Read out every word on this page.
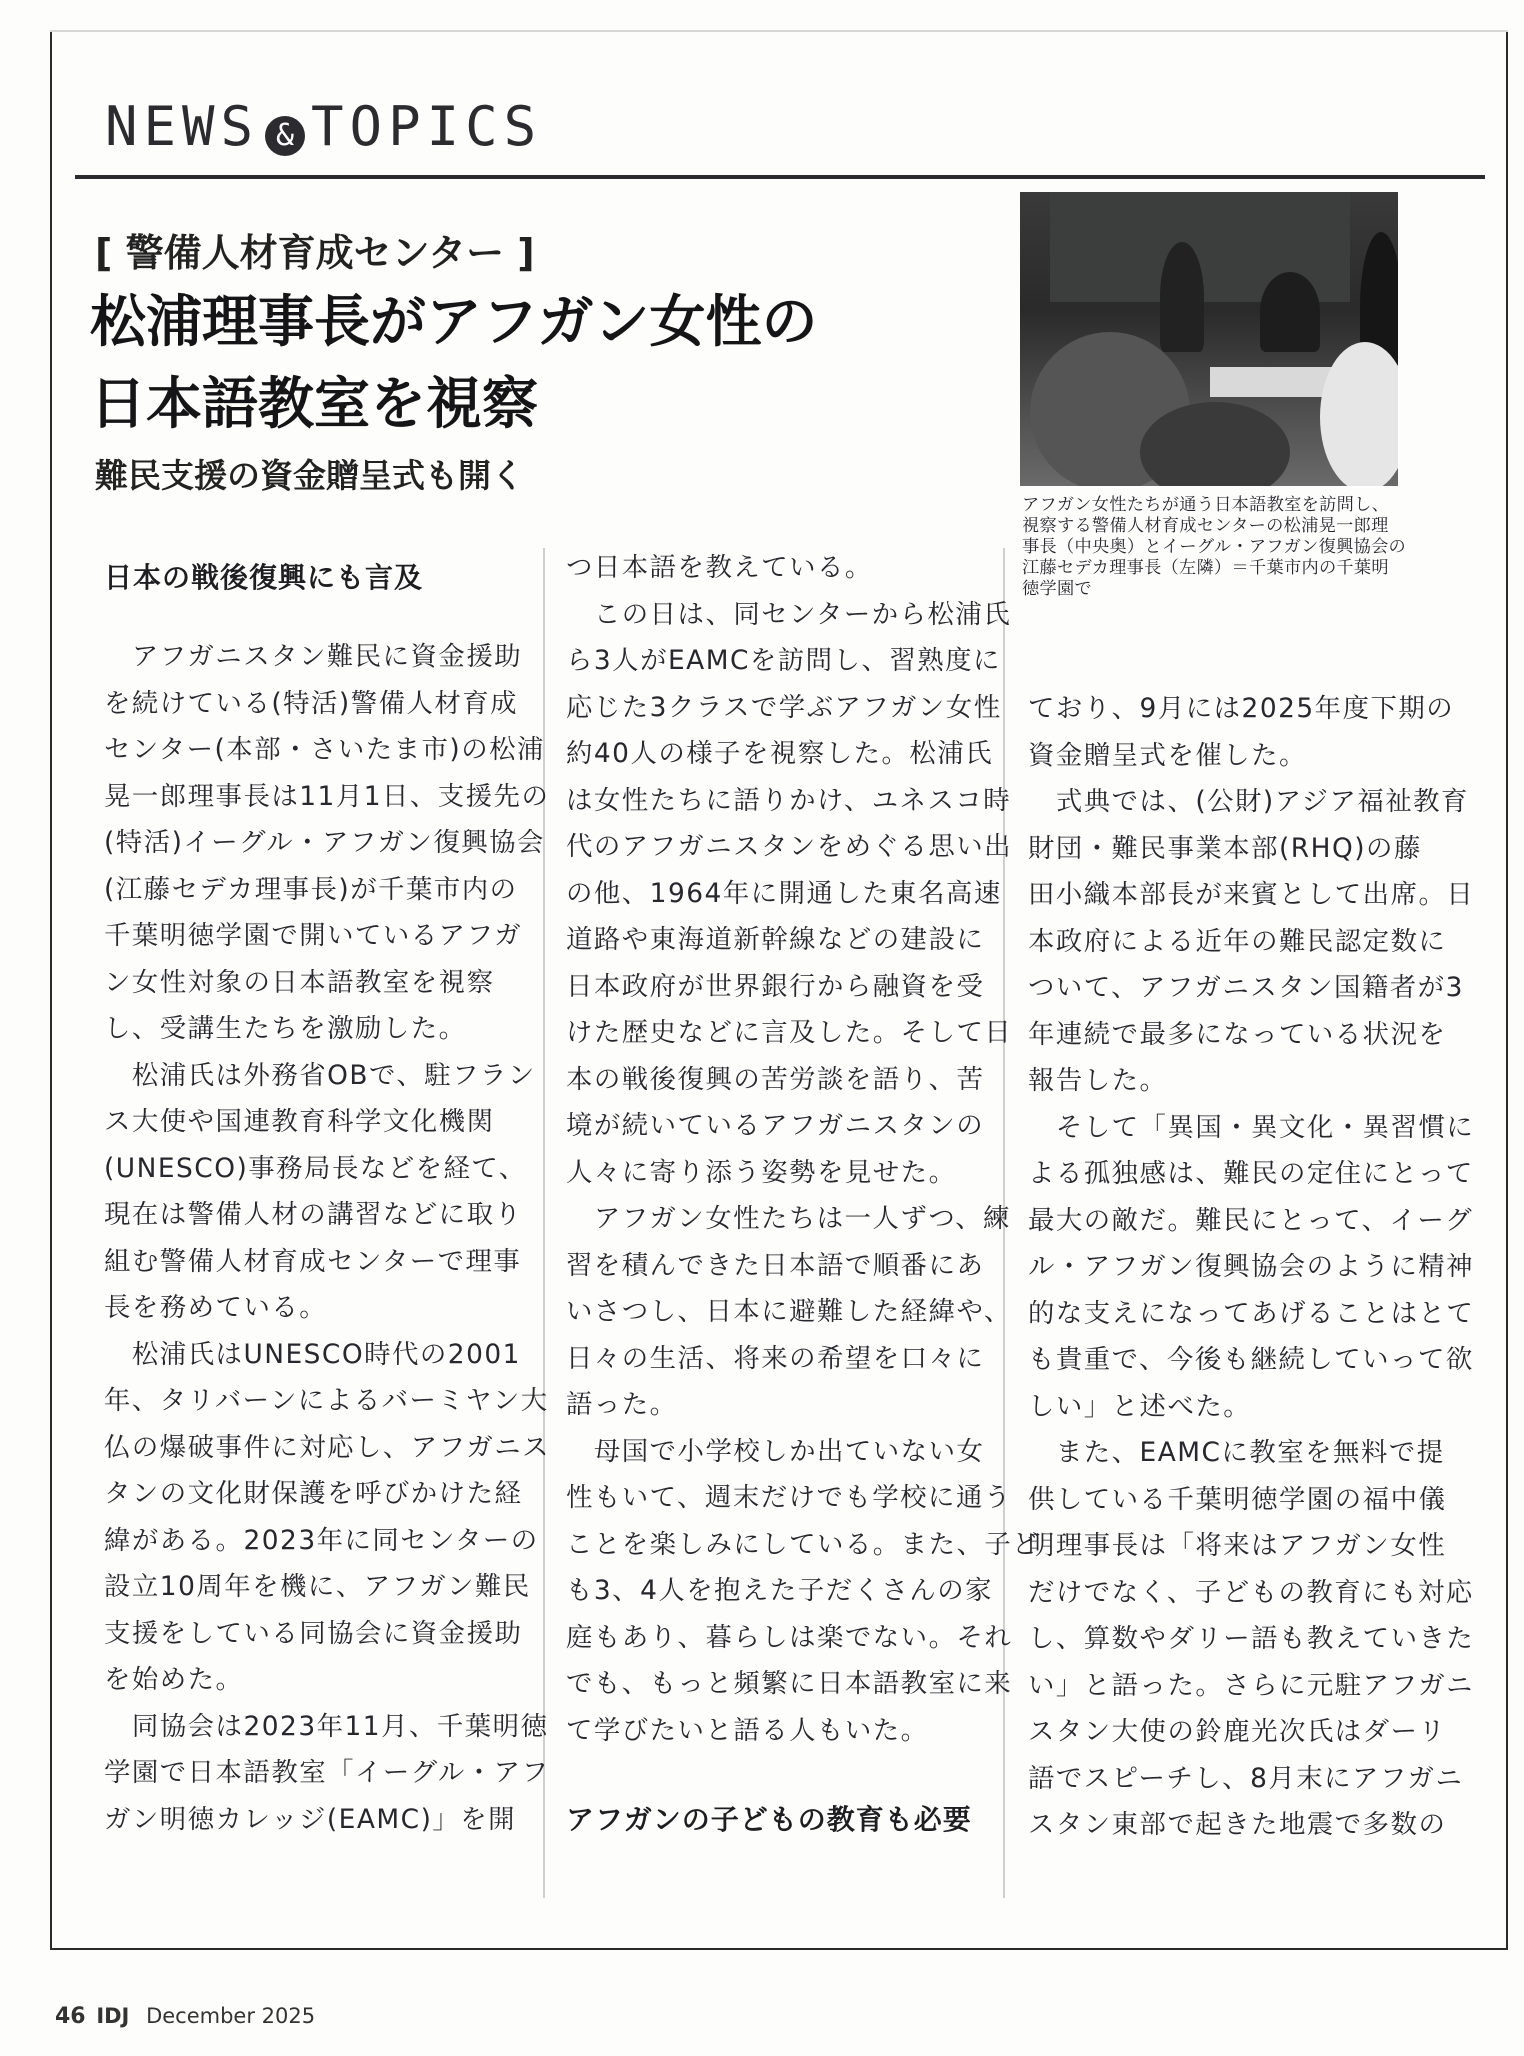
NEWS & TOPICS
[ 警備人材育成センター ]
松浦理事長がアフガン女性の
日本語教室を視察
難民支援の資金贈呈式も開く
アフガン女性たちが通う日本語教室を訪問し、
視察する警備人材育成センターの松浦晃一郎理
事長（中央奥）とイーグル・アフガン復興協会の
江藤セデカ理事長（左隣）＝千葉市内の千葉明
徳学園で
日本の戦後復興にも言及
　アフガニスタン難民に資金援助
を続けている(特活)警備人材育成
センター(本部・さいたま市)の松浦
晃一郎理事長は11月1日、支援先の
(特活)イーグル・アフガン復興協会
(江藤セデカ理事長)が千葉市内の
千葉明徳学園で開いているアフガ
ン女性対象の日本語教室を視察
し、受講生たちを激励した。
　松浦氏は外務省OBで、駐フラン
ス大使や国連教育科学文化機関
(UNESCO)事務局長などを経て、
現在は警備人材の講習などに取り
組む警備人材育成センターで理事
長を務めている。
　松浦氏はUNESCO時代の2001
年、タリバーンによるバーミヤン大
仏の爆破事件に対応し、アフガニス
タンの文化財保護を呼びかけた経
緯がある。2023年に同センターの
設立10周年を機に、アフガン難民
支援をしている同協会に資金援助
を始めた。
　同協会は2023年11月、千葉明徳
学園で日本語教室「イーグル・アフ
ガン明徳カレッジ(EAMC)」を開
つ日本語を教えている。
　この日は、同センターから松浦氏
ら3人がEAMCを訪問し、習熟度に
応じた3クラスで学ぶアフガン女性
約40人の様子を視察した。松浦氏
は女性たちに語りかけ、ユネスコ時
代のアフガニスタンをめぐる思い出
の他、1964年に開通した東名高速
道路や東海道新幹線などの建設に
日本政府が世界銀行から融資を受
けた歴史などに言及した。そして日
本の戦後復興の苦労談を語り、苦
境が続いているアフガニスタンの
人々に寄り添う姿勢を見せた。
　アフガン女性たちは一人ずつ、練
習を積んできた日本語で順番にあ
いさつし、日本に避難した経緯や、
日々の生活、将来の希望を口々に
語った。
　母国で小学校しか出ていない女
性もいて、週末だけでも学校に通う
ことを楽しみにしている。また、子ど
も3、4人を抱えた子だくさんの家
庭もあり、暮らしは楽でない。それ
でも、もっと頻繁に日本語教室に来
て学びたいと語る人もいた。
アフガンの子どもの教育も必要
ており、9月には2025年度下期の
資金贈呈式を催した。
　式典では、(公財)アジア福祉教育
財団・難民事業本部(RHQ)の藤
田小織本部長が来賓として出席。日
本政府による近年の難民認定数に
ついて、アフガニスタン国籍者が3
年連続で最多になっている状況を
報告した。
　そして「異国・異文化・異習慣に
よる孤独感は、難民の定住にとって
最大の敵だ。難民にとって、イーグ
ル・アフガン復興協会のように精神
的な支えになってあげることはとて
も貴重で、今後も継続していって欲
しい」と述べた。
　また、EAMCに教室を無料で提
供している千葉明徳学園の福中儀
明理事長は「将来はアフガン女性
だけでなく、子どもの教育にも対応
し、算数やダリー語も教えていきた
い」と語った。さらに元駐アフガニ
スタン大使の鈴鹿光次氏はダーリ
語でスピーチし、8月末にアフガニ
スタン東部で起きた地震で多数の
46 IDJ December 2025
